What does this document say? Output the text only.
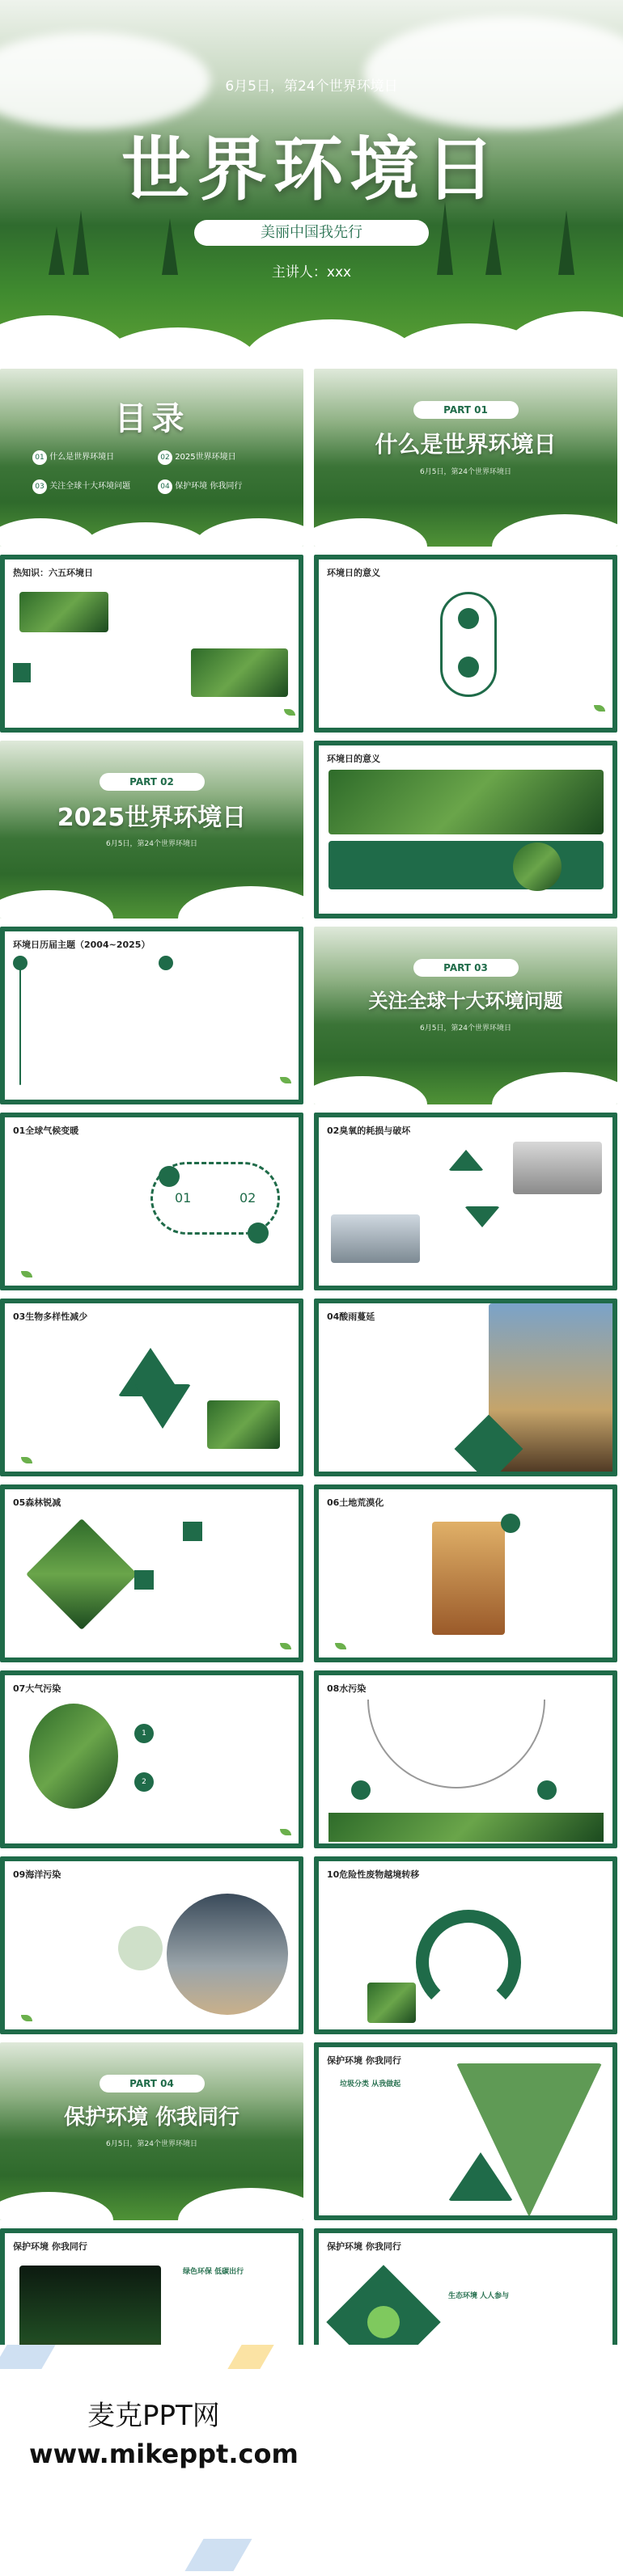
6月5日，第24个世界环境日
世界环境日
美丽中国我先行
主讲人：xxx
目录
01 什么是世界环境日	02 2025世界环境日
03 关注全球十大环境问题	04 保护环境 你我同行
PART 01
什么是世界环境日
6月5日，第24个世界环境日
热知识：六五环境日	环境日的意义
PART 02
2025世界环境日
6月5日，第24个世界环境日
环境日的意义
环境日历届主题（2004~2025）
PART 03
关注全球十大环境问题
6月5日，第24个世界环境日
01全球气候变暖
01	02
02臭氧的耗损与破坏
03生物多样性减少	04酸雨蔓延
05森林锐减	06土地荒漠化
07大气污染
1
2
08水污染
09海洋污染	10危险性废物越境转移
PART 04
保护环境 你我同行
6月5日，第24个世界环境日
保护环境 你我同行
垃圾分类 从我做起
保护环境 你我同行
绿色环保 低碳出行
保护环境 你我同行
生态环境 人人参与
麦克PPT网
www.mikeppt.com
